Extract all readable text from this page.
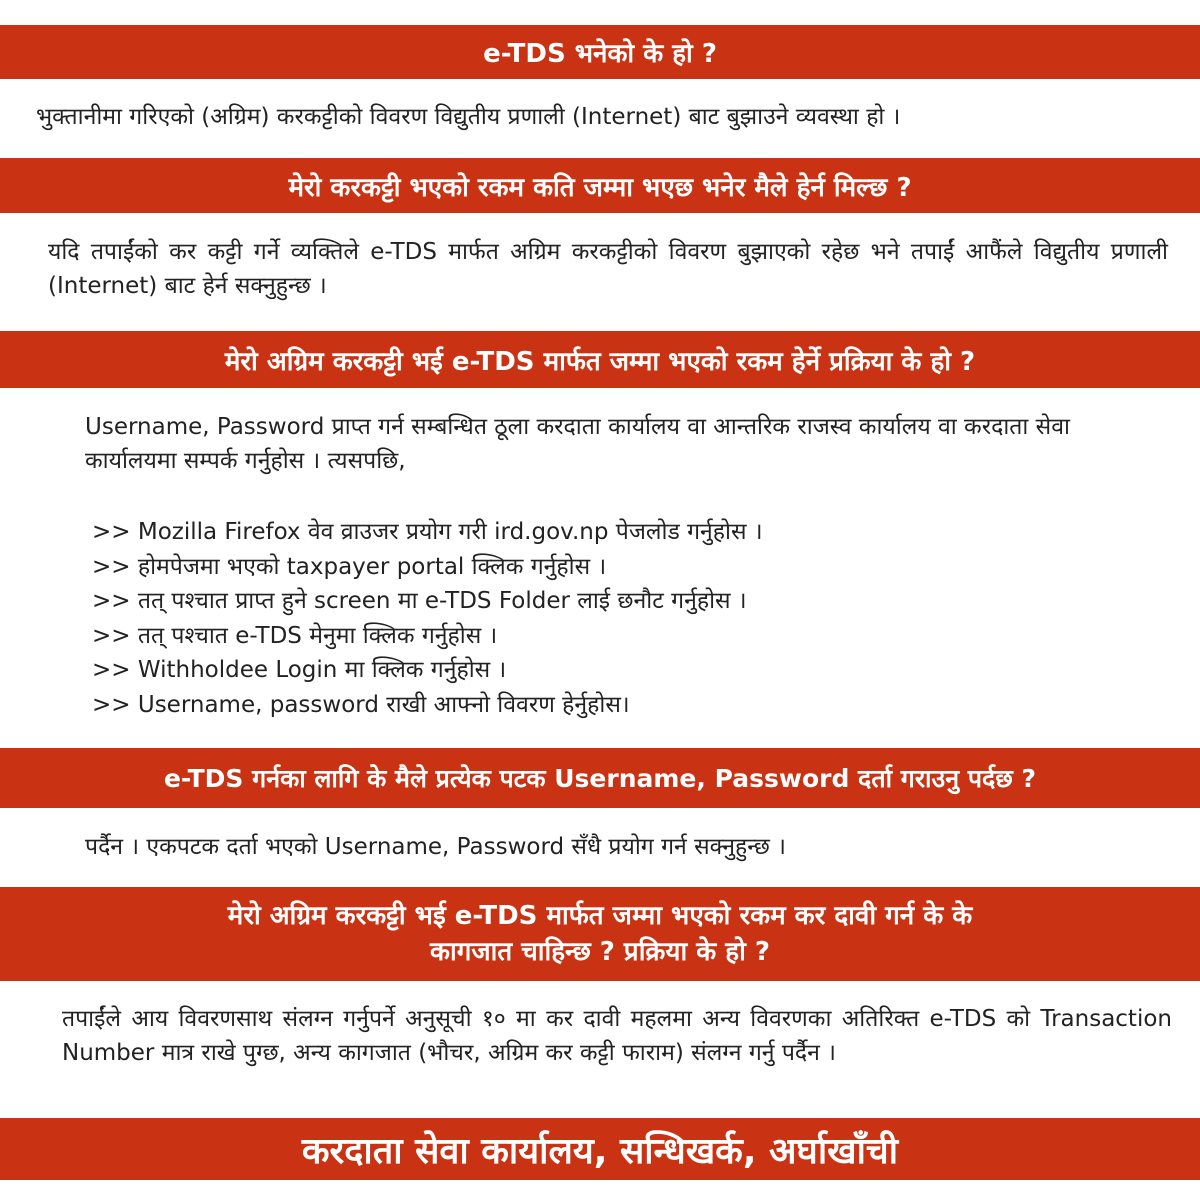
e-TDS भनेको के हो ?

भुक्तानीमा गरिएको (अग्रिम) करकट्टीको विवरण विद्युतीय प्रणाली (Internet) बाट बुझाउने व्यवस्था हो ।

मेरो करकट्टी भएको रकम कति जम्मा भएछ भनेर मैले हेर्न मिल्छ ?

यदि तपाईंको कर कट्टी गर्ने व्यक्तिले e-TDS मार्फत अग्रिम करकट्टीको विवरण बुझाएको रहेछ भने तपाईं आफैंले विद्युतीय प्रणाली (Internet) बाट हेर्न सक्नुहुन्छ ।

मेरो अग्रिम करकट्टी भई e-TDS मार्फत जम्मा भएको रकम हेर्ने प्रक्रिया के हो ?

Username, Password प्राप्त गर्न सम्बन्धित ठूला करदाता कार्यालय वा आन्तरिक राजस्व कार्यालय वा करदाता सेवा कार्यालयमा सम्पर्क गर्नुहोस । त्यसपछि,

>> Mozilla Firefox वेव व्राउजर प्रयोग गरी ird.gov.np पेजलोड गर्नुहोस ।
>> होमपेजमा भएको taxpayer portal क्लिक गर्नुहोस ।
>> तत् पश्चात प्राप्त हुने screen मा e-TDS Folder लाई छनौट गर्नुहोस ।
>> तत् पश्चात e-TDS मेनुमा क्लिक गर्नुहोस ।
>> Withholdee Login मा क्लिक गर्नुहोस ।
>> Username, password राखी आफ्नो विवरण हेर्नुहोस।
e-TDS गर्नका लागि के मैले प्रत्येक पटक Username, Password दर्ता गराउनु पर्दछ ?

पर्दैन । एकपटक दर्ता भएको Username, Password सँधै प्रयोग गर्न सक्नुहुन्छ ।

मेरो अग्रिम करकट्टी भई e-TDS मार्फत जम्मा भएको रकम कर दावी गर्न के के
कागजात चाहिन्छ ? प्रक्रिया के हो ?

तपाईंले आय विवरणसाथ संलग्न गर्नुपर्ने अनुसूची १० मा कर दावी महलमा अन्य विवरणका अतिरिक्त e-TDS को Transaction Number मात्र राखे पुग्छ, अन्य कागजात (भौचर, अग्रिम कर कट्टी फाराम) संलग्न गर्नु पर्दैन ।

करदाता सेवा कार्यालय, सन्धिखर्क, अर्घाखाँची
